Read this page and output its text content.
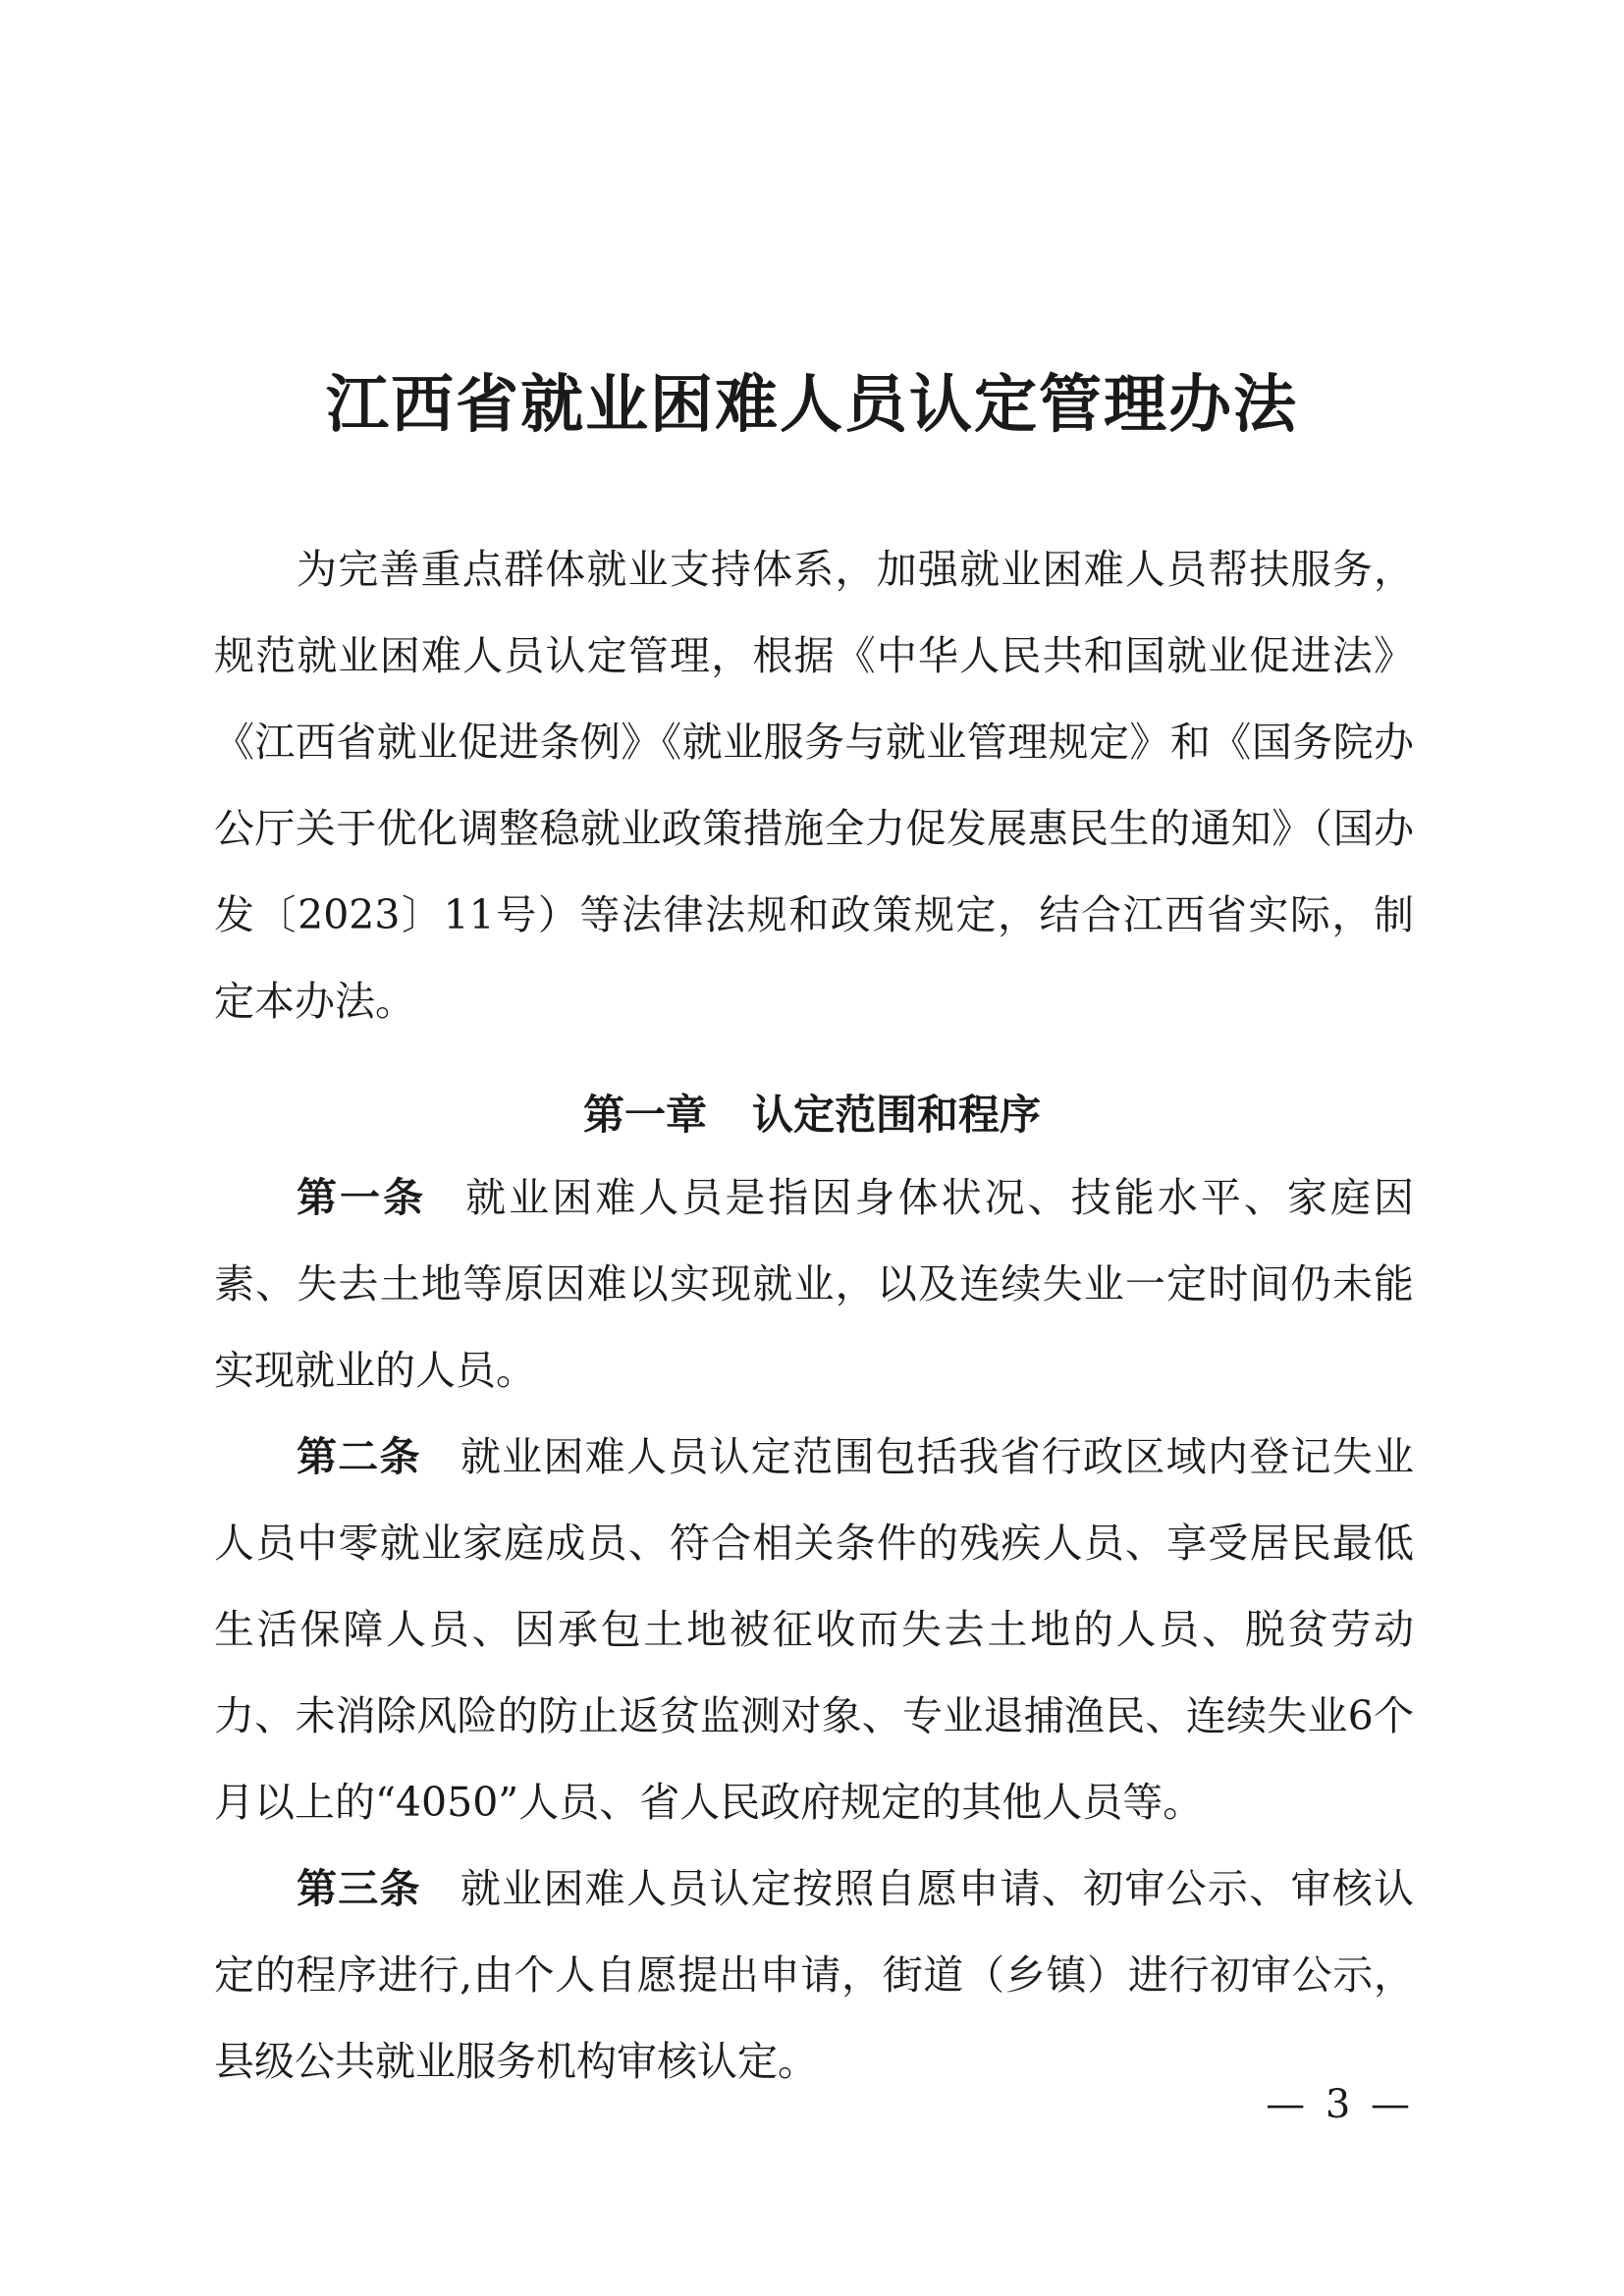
江西省就业困难人员认定管理办法

为完善重点群体就业支持体系，加强就业困难人员帮扶服务，规范就业困难人员认定管理，根据《中华人民共和国就业促进法》《江西省就业促进条例》《就业服务与就业管理规定》和《国务院办公厅关于优化调整稳就业政策措施全力促发展惠民生的通知》（国办发〔2023〕11号）等法律法规和政策规定，结合江西省实际，制定本办法。

第一章 认定范围和程序

第一条 就业困难人员是指因身体状况、技能水平、家庭因素、失去土地等原因难以实现就业，以及连续失业一定时间仍未能实现就业的人员。

第二条 就业困难人员认定范围包括我省行政区域内登记失业人员中零就业家庭成员、符合相关条件的残疾人员、享受居民最低生活保障人员、因承包土地被征收而失去土地的人员、脱贫劳动力、未消除风险的防止返贫监测对象、专业退捕渔民、连续失业6个月以上的“4050”人员、省人民政府规定的其他人员等。

第三条 就业困难人员认定按照自愿申请、初审公示、审核认定的程序进行,由个人自愿提出申请，街道（乡镇）进行初审公示，县级公共就业服务机构审核认定。

— 3 —
